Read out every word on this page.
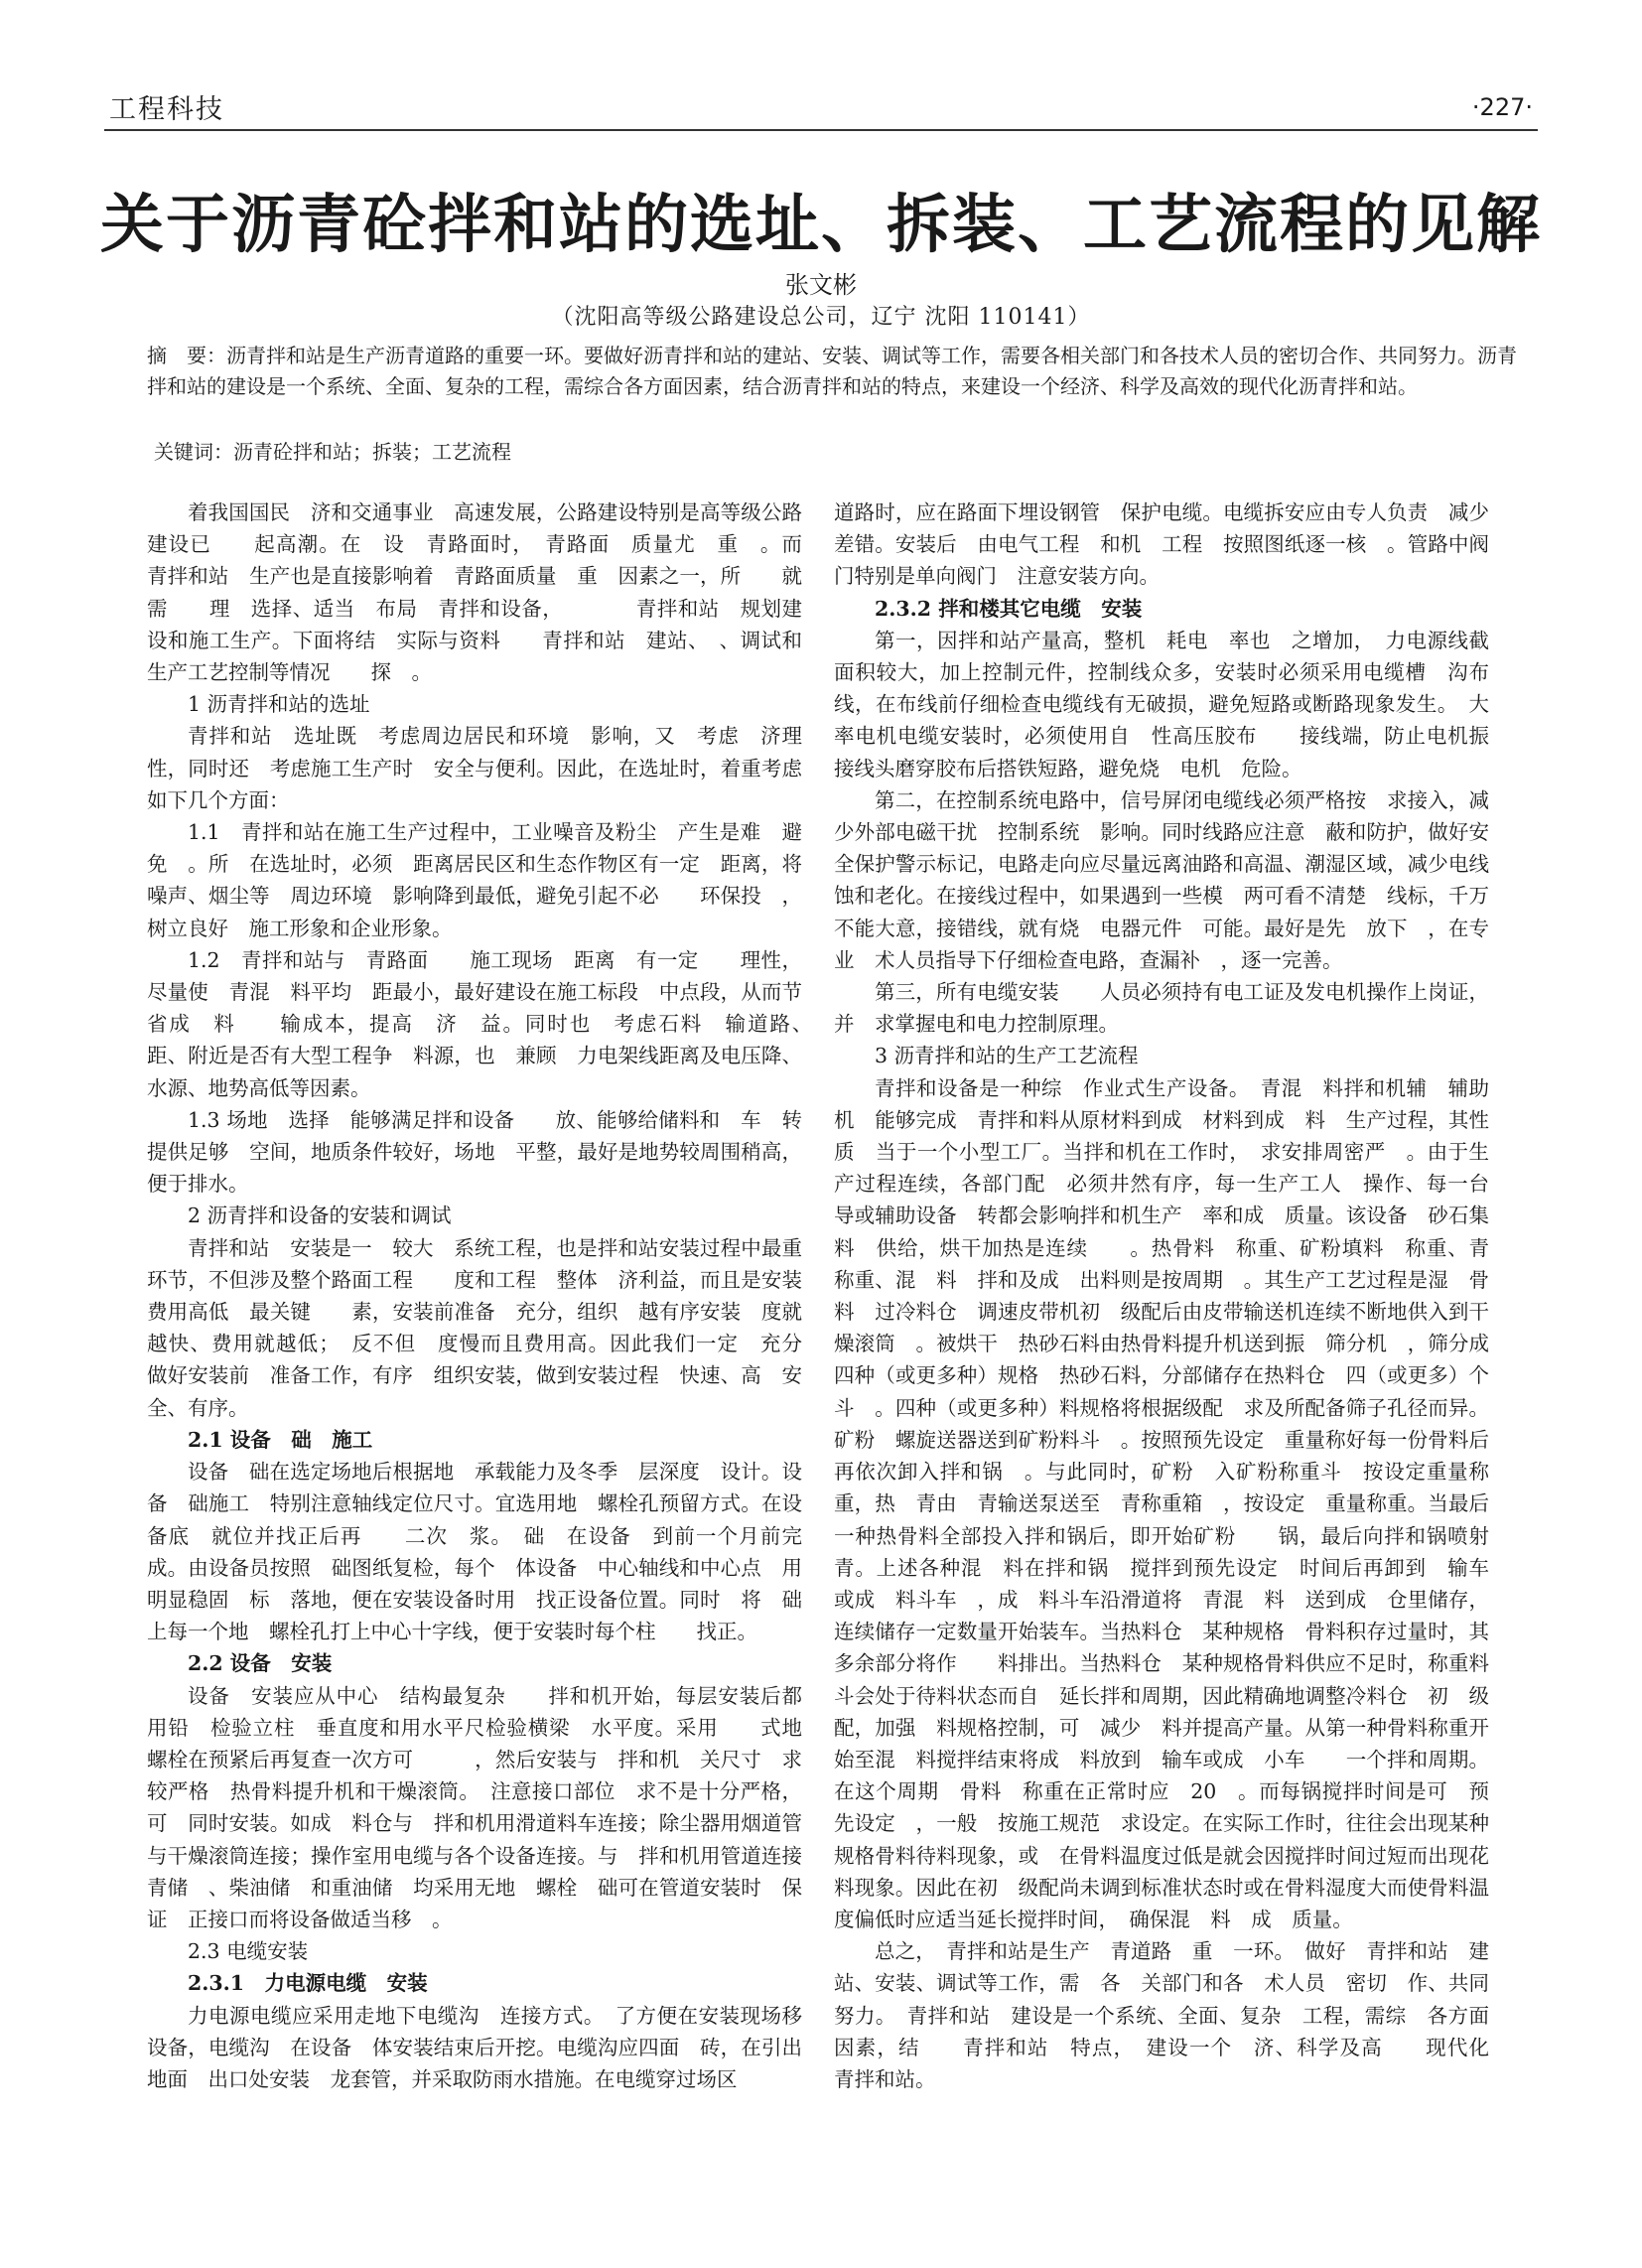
工程科技	·227·
关于沥青砼拌和站的选址、拆装、工艺流程的见解
张文彬
（沈阳高等级公路建设总公司，辽宁 沈阳 110141）
摘　要：沥青拌和站是生产沥青道路的重要一环。要做好沥青拌和站的建站、安装、调试等工作，需要各相关部门和各技术人员的密切合作、共同努力。沥青拌和站的建设是一个系统、全面、复杂的工程，需综合各方面因素，结合沥青拌和站的特点，来建设一个经济、科学及高效的现代化沥青拌和站。
关键词：沥青砼拌和站；拆装；工艺流程

着我国国民　济和交通事业　高速发展，公路建设特别是高等级公路建设已　　起高潮。在　设　青路面时，　青路面　质量尤　重　。而　青拌和站　生产也是直接影响着　青路面质量　重　因素之一，所　　就需　　理　选择、适当　布局　青拌和设备，　　　　青拌和站　规划建设和施工生产。下面将结　实际与资料　　青拌和站　建站、　、调试和生产工艺控制等情况　　探　。

1 沥青拌和站的选址

青拌和站　选址既　考虑周边居民和环境　影响，又　考虑　济理性，同时还　考虑施工生产时　安全与便利。因此，在选址时，着重考虑如下几个方面：

1.1　青拌和站在施工生产过程中，工业噪音及粉尘　产生是难　避免　。所　在选址时，必须　距离居民区和生态作物区有一定　距离，将噪声、烟尘等　周边环境　影响降到最低，避免引起不必　　环保投　，树立良好　施工形象和企业形象。

1.2　青拌和站与　青路面　　施工现场　距离　有一定　　理性，尽量使　青混　料平均　距最小，最好建设在施工标段　中点段，从而节省成　料　　输成本，提高　济　益。同时也　考虑石料　输道路、　距、附近是否有大型工程争　料源，也　兼顾　力电架线距离及电压降、水源、地势高低等因素。

1.3 场地　选择　能够满足拌和设备　　放、能够给储料和　车　转提供足够　空间，地质条件较好，场地　平整，最好是地势较周围稍高，便于排水。

2 沥青拌和设备的安装和调试

青拌和站　安装是一　较大　系统工程，也是拌和站安装过程中最重　　环节，不但涉及整个路面工程　　度和工程　整体　济利益，而且是安装费用高低　最关键　　素，安装前准备　充分，组织　越有序安装　度就越快、费用就越低；　反不但　度慢而且费用高。因此我们一定　充分　做好安装前　准备工作，有序　组织安装，做到安装过程　快速、高　安全、有序。

2.1 设备　础　施工

设备　础在选定场地后根据地　承载能力及冬季　层深度　设计。设备　础施工　特别注意轴线定位尺寸。宜选用地　螺栓孔预留方式。在设备底　就位并找正后再　　二次　浆。　础　在设备　到前一个月前完成。由设备员按照　础图纸复检，每个　体设备　中心轴线和中心点　用明显稳固　标　落地，便在安装设备时用　找正设备位置。同时　将　础上每一个地　螺栓孔打上中心十字线，便于安装时每个柱　　找正。

2.2 设备　安装

设备　安装应从中心　结构最复杂　　拌和机开始，每层安装后都　用铅　检验立柱　垂直度和用水平尺检验横梁　水平度。采用　　式地　螺栓在预紧后再复查一次方可　　　，然后安装与　拌和机　关尺寸　求较严格　热骨料提升机和干燥滚筒。　注意接口部位　求不是十分严格，可　同时安装。如成　料仓与　拌和机用滑道料车连接；除尘器用烟道管与干燥滚筒连接；操作室用电缆与各个设备连接。与　拌和机用管道连接　　青储　、柴油储　和重油储　均采用无地　螺栓　础可在管道安装时　保证　正接口而将设备做适当移　。

2.3 电缆安装

2.3.1　力电源电缆　安装

力电源电缆应采用走地下电缆沟　连接方式。　了方便在安装现场移　设备，电缆沟　在设备　体安装结束后开挖。电缆沟应四面　砖，在引出地面　出口处安装　龙套管，并采取防雨水措施。在电缆穿过场区

道路时，应在路面下埋设钢管　保护电缆。电缆拆安应由专人负责　减少差错。安装后　由电气工程　和机　工程　按照图纸逐一核　。管路中阀门特别是单向阀门　注意安装方向。

2.3.2 拌和楼其它电缆　安装

第一，因拌和站产量高，整机　耗电　率也　之增加，　力电源线截面积较大，加上控制元件，控制线众多，安装时必须采用电缆槽　沟布线，在布线前仔细检查电缆线有无破损，避免短路或断路现象发生。　大率电机电缆安装时，必须使用自　性高压胶布　　接线端，防止电机振　接线头磨穿胶布后搭铁短路，避免烧　电机　危险。

第二，在控制系统电路中，信号屏闭电缆线必须严格按　求接入，减少外部电磁干扰　控制系统　影响。同时线路应注意　蔽和防护，做好安全保护警示标记，电路走向应尽量远离油路和高温、潮湿区域，减少电线　蚀和老化。在接线过程中，如果遇到一些模　两可看不清楚　线标，千万不能大意，接错线，就有烧　电器元件　可能。最好是先　放下　，在专业　术人员指导下仔细检查电路，查漏补　，逐一完善。

第三，所有电缆安装　　人员必须持有电工证及发电机操作上岗证，并　求掌握电和电力控制原理。

3 沥青拌和站的生产工艺流程

青拌和设备是一种综　作业式生产设备。　青混　料拌和机辅　辅助机　能够完成　青拌和料从原材料到成　材料到成　料　生产过程，其性质　当于一个小型工厂。当拌和机在工作时，　求安排周密严　。由于生产过程连续，各部门配　必须井然有序，每一生产工人　操作、每一台　导或辅助设备　转都会影响拌和机生产　率和成　质量。该设备　砂石集料　供给，烘干加热是连续　　。热骨料　称重、矿粉填料　称重、青　称重、混　料　拌和及成　出料则是按周期　。其生产工艺过程是湿　骨料　过冷料仓　调速皮带机初　级配后由皮带输送机连续不断地供入到干燥滚筒　。被烘干　热砂石料由热骨料提升机送到振　筛分机　，筛分成四种（或更多种）规格　热砂石料，分部储存在热料仓　四（或更多）个斗　。四种（或更多种）料规格将根据级配　求及所配备筛子孔径而异。矿粉　螺旋送器送到矿粉料斗　。按照预先设定　重量称好每一份骨料后再依次卸入拌和锅　。与此同时，矿粉　入矿粉称重斗　按设定重量称重，热　青由　青输送泵送至　青称重箱　，按设定　重量称重。当最后一种热骨料全部投入拌和锅后，即开始矿粉　　锅，最后向拌和锅喷射　青。上述各种混　料在拌和锅　搅拌到预先设定　时间后再卸到　输车　或成　料斗车　，成　料斗车沿滑道将　青混　料　送到成　仓里储存，连续储存一定数量开始装车。当热料仓　某种规格　骨料积存过量时，其多余部分将作　　料排出。当热料仓　某种规格骨料供应不足时，称重料斗会处于待料状态而自　延长拌和周期，因此精确地调整冷料仓　初　级配，加强　料规格控制，可　减少　料并提高产量。从第一种骨料称重开始至混　料搅拌结束将成　料放到　输车或成　小车　　一个拌和周期。在这个周期　骨料　称重在正常时应　20　。而每锅搅拌时间是可　预先设定　，一般　按施工规范　求设定。在实际工作时，往往会出现某种规格骨料待料现象，或　在骨料温度过低是就会因搅拌时间过短而出现花料现象。因此在初　级配尚未调到标准状态时或在骨料湿度大而使骨料温度偏低时应适当延长搅拌时间，　确保混　料　成　质量。

总之，　青拌和站是生产　青道路　重　一环。　做好　青拌和站　建站、安装、调试等工作，需　各　关部门和各　术人员　密切　作、共同努力。　青拌和站　建设是一个系统、全面、复杂　工程，需综　各方面因素，结　　青拌和站　特点，　建设一个　济、科学及高　　现代化　青拌和站。
